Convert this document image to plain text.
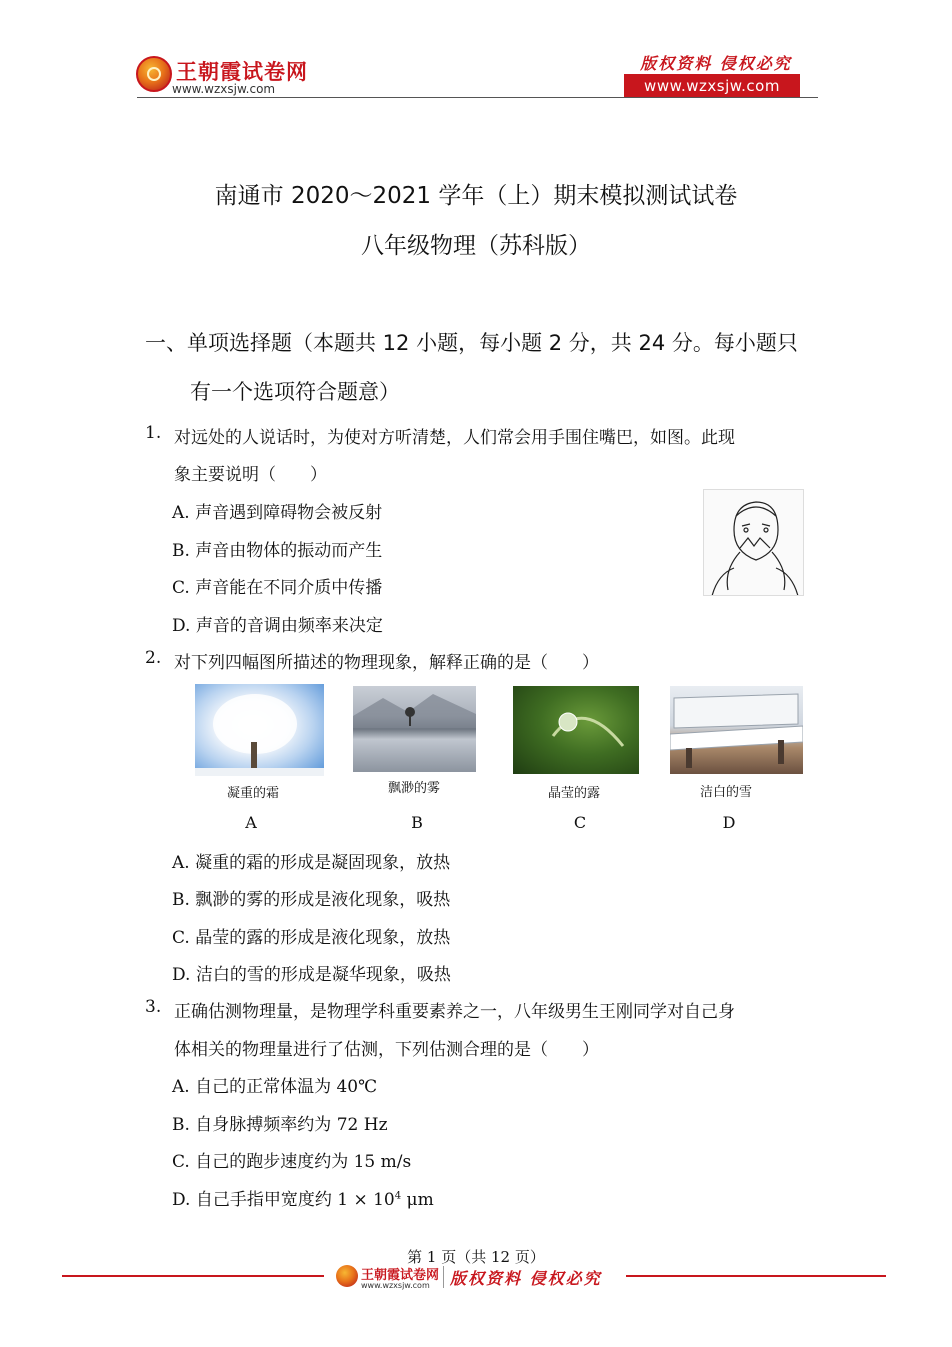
王朝霞试卷网
www.wzxsjw.com
版权资料 侵权必究
www.wzxsjw.com
南通市 2020～2021 学年（上）期末模拟测试试卷
八年级物理（苏科版）
一、单项选择题（本题共 12 小题，每小题 2 分，共 24 分。每小题只
有一个选项符合题意）
1. 对远处的人说话时，为使对方听清楚，人们常会用手围住嘴巴，如图。此现
象主要说明（　　）
A. 声音遇到障碍物会被反射
B. 声音由物体的振动而产生
C. 声音能在不同介质中传播
D. 声音的音调由频率来决定
2. 对下列四幅图所描述的物理现象，解释正确的是（　　）
凝重的霜	飘渺的雾	晶莹的露	洁白的雪
A	B	C	D
A. 凝重的霜的形成是凝固现象，放热
B. 飘渺的雾的形成是液化现象，吸热
C. 晶莹的露的形成是液化现象，放热
D. 洁白的雪的形成是凝华现象，吸热
3. 正确估测物理量，是物理学科重要素养之一，八年级男生王刚同学对自己身
体相关的物理量进行了估测，下列估测合理的是（　　）
A. 自己的正常体温为 40℃
B. 自身脉搏频率约为 72 Hz
C. 自己的跑步速度约为 15 m/s
D. 自己手指甲宽度约 $1 \times 10^4$ μm
第 1 页（共 12 页）
王朝霞试卷网
www.wzxsjw.com 版权资料 侵权必究
